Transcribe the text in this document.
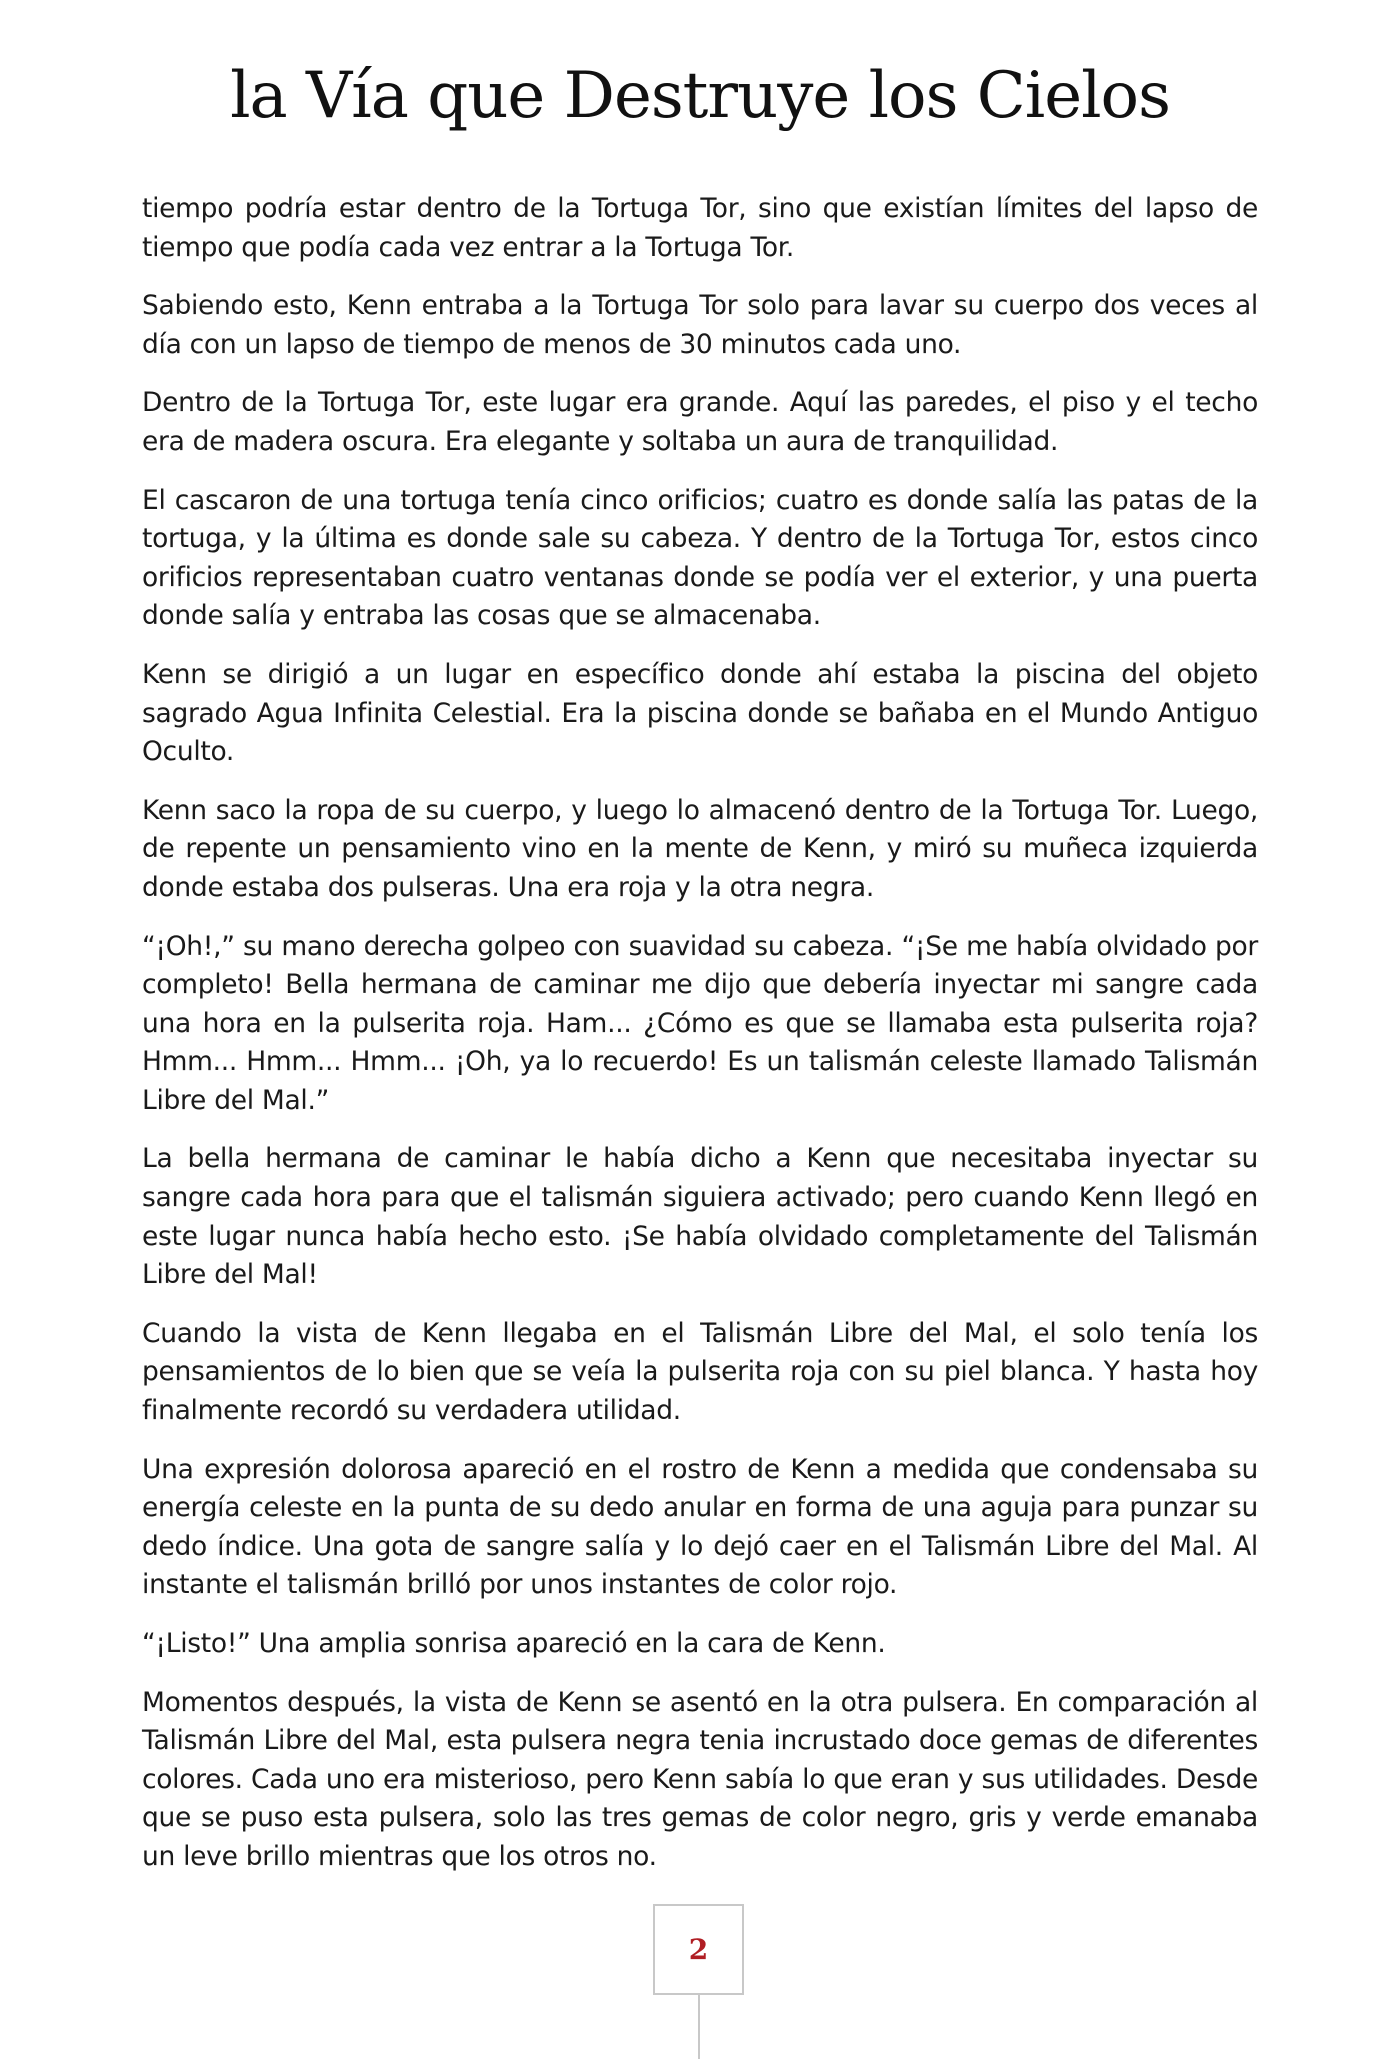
la Vía que Destruye los Cielos

tiempo podría estar dentro de la Tortuga Tor, sino que existían límites del lapso de tiempo que podía cada vez entrar a la Tortuga Tor.

Sabiendo esto, Kenn entraba a la Tortuga Tor solo para lavar su cuerpo dos veces al día con un lapso de tiempo de menos de 30 minutos cada uno.

Dentro de la Tortuga Tor, este lugar era grande. Aquí las paredes, el piso y el techo era de madera oscura. Era elegante y soltaba un aura de tranquilidad.

El cascaron de una tortuga tenía cinco orificios; cuatro es donde salía las patas de la tortuga, y la última es donde sale su cabeza. Y dentro de la Tortuga Tor, estos cinco orificios representaban cuatro ventanas donde se podía ver el exterior, y una puerta donde salía y entraba las cosas que se almacenaba.

Kenn se dirigió a un lugar en específico donde ahí estaba la piscina del objeto sagrado Agua Infinita Celestial. Era la piscina donde se bañaba en el Mundo Antiguo Oculto.

Kenn saco la ropa de su cuerpo, y luego lo almacenó dentro de la Tortuga Tor. Luego, de repente un pensamiento vino en la mente de Kenn, y miró su muñeca izquierda donde estaba dos pulseras. Una era roja y la otra negra.

“¡Oh!,” su mano derecha golpeo con suavidad su cabeza. “¡Se me había olvidado por completo! Bella hermana de caminar me dijo que debería inyectar mi sangre cada una hora en la pulserita roja. Ham... ¿Cómo es que se llamaba esta pulserita roja? Hmm... Hmm... Hmm... ¡Oh, ya lo recuerdo! Es un talismán celeste llamado Talismán Libre del Mal.”

La bella hermana de caminar le había dicho a Kenn que necesitaba inyectar su sangre cada hora para que el talismán siguiera activado; pero cuando Kenn llegó en este lugar nunca había hecho esto. ¡Se había olvidado completamente del Talismán Libre del Mal!

Cuando la vista de Kenn llegaba en el Talismán Libre del Mal, el solo tenía los pensamientos de lo bien que se veía la pulserita roja con su piel blanca. Y hasta hoy finalmente recordó su verdadera utilidad.

Una expresión dolorosa apareció en el rostro de Kenn a medida que condensaba su energía celeste en la punta de su dedo anular en forma de una aguja para punzar su dedo índice. Una gota de sangre salía y lo dejó caer en el Talismán Libre del Mal. Al instante el talismán brilló por unos instantes de color rojo.

“¡Listo!” Una amplia sonrisa apareció en la cara de Kenn.

Momentos después, la vista de Kenn se asentó en la otra pulsera. En comparación al Talismán Libre del Mal, esta pulsera negra tenia incrustado doce gemas de diferentes colores. Cada uno era misterioso, pero Kenn sabía lo que eran y sus utilidades. Desde que se puso esta pulsera, solo las tres gemas de color negro, gris y verde emanaba un leve brillo mientras que los otros no.

2
